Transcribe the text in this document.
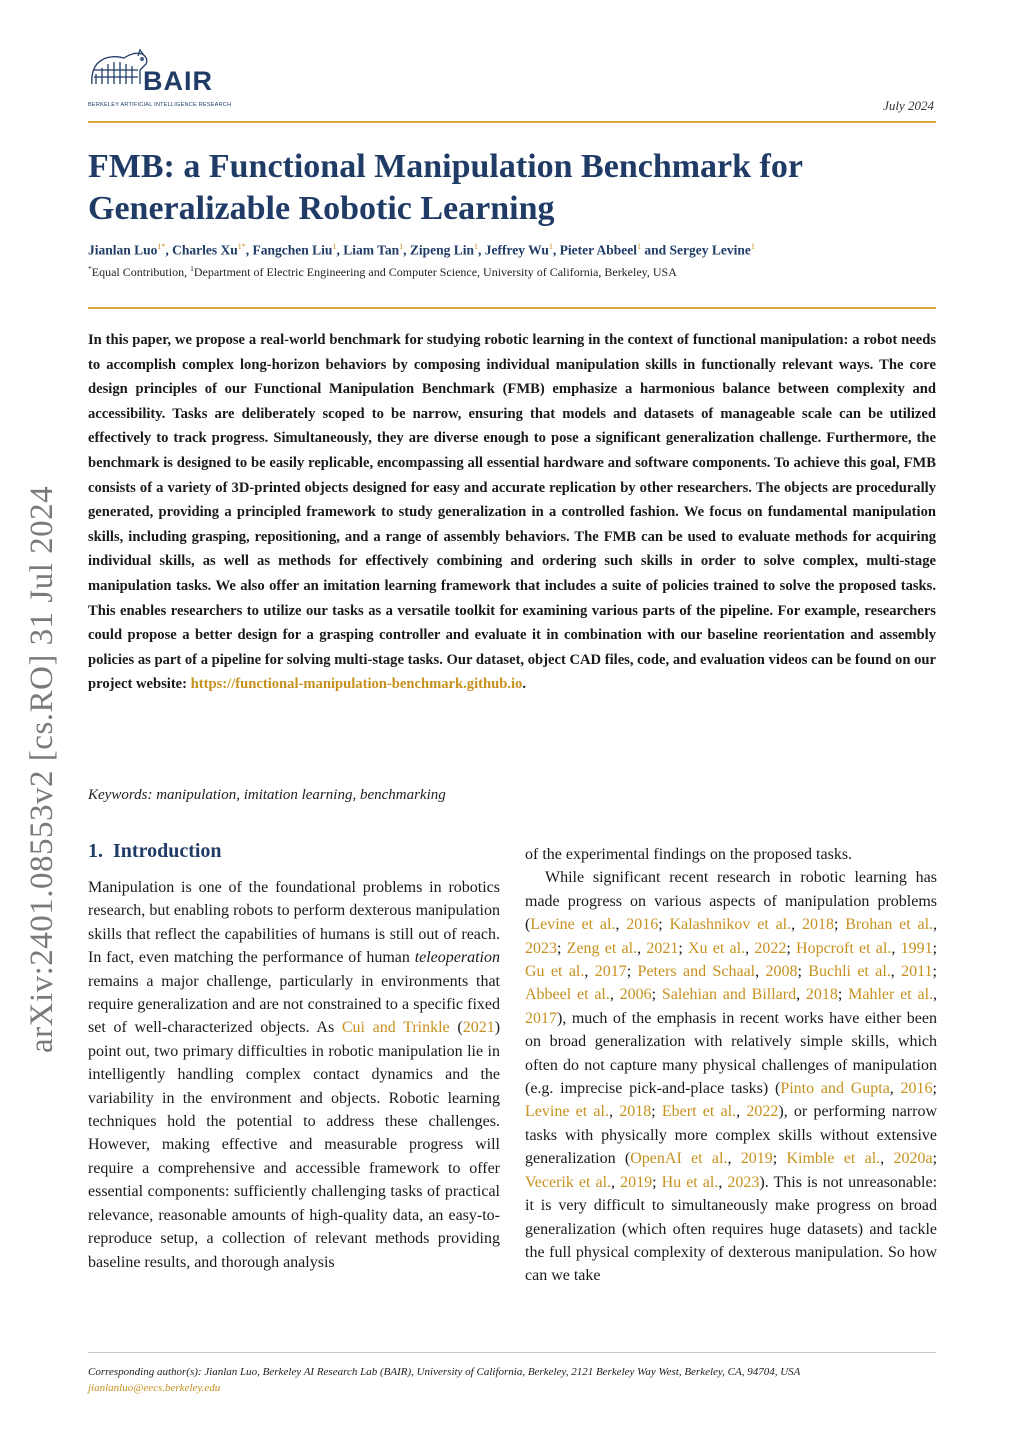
BAIR
BERKELEY ARTIFICIAL INTELLIGENCE RESEARCH	July 2024
FMB: a Functional Manipulation Benchmark for Generalizable Robotic Learning
Jianlan Luo$^{1*}$, Charles $Xu^{1*}$, Fangchen Liu$^1$, Liam Tan$^1$, Zipeng Lin$^1$, Jeffrey Wu$^1$, Pieter Abbeel$^1$ and Sergey Levine$^1$
*Equal Contribution, $^1$Department of Electric Engineering and Computer Science, University of California, Berkeley, USA

In this paper, we propose a real-world benchmark for studying robotic learning in the context of functional manipulation: a robot needs to accomplish complex long-horizon behaviors by composing individual manipulation skills in functionally relevant ways. The core design principles of our Functional Manipulation Benchmark (FMB) emphasize a harmonious balance between complexity and accessibility. Tasks are deliberately scoped to be narrow, ensuring that models and datasets of manageable scale can be utilized effectively to track progress. Simultaneously, they are diverse enough to pose a significant generalization challenge. Furthermore, the benchmark is designed to be easily replicable, encompassing all essential hardware and software components. To achieve this goal, FMB consists of a variety of 3D-printed objects designed for easy and accurate replication by other researchers. The objects are procedurally generated, providing a principled framework to study generalization in a controlled fashion. We focus on fundamental manipulation skills, including grasping, repositioning, and a range of assembly behaviors. The FMB can be used to evaluate methods for acquiring individual skills, as well as methods for effectively combining and ordering such skills in order to solve complex, multi-stage manipulation tasks. We also offer an imitation learning framework that includes a suite of policies trained to solve the proposed tasks. This enables researchers to utilize our tasks as a versatile toolkit for examining various parts of the pipeline. For example, researchers could propose a better design for a grasping controller and evaluate it in combination with our baseline reorientation and assembly policies as part of a pipeline for solving multi-stage tasks. Our dataset, object CAD files, code, and evaluation videos can be found on our project website: https://functional-manipulation-benchmark.github.io.

Keywords: manipulation, imitation learning, benchmarking
arXiv:2401.08553v2 [cs.RO] 31 Jul 2024 1. Introduction

Manipulation is one of the foundational problems in robotics research, but enabling robots to perform dexterous manipulation skills that reflect the capabilities of humans is still out of reach. In fact, even matching the performance of human teleoperation remains a major challenge, particularly in environments that require generalization and are not constrained to a specific fixed set of well-characterized objects. As Cui and Trinkle (2021) point out, two primary difficulties in robotic manipulation lie in intelligently handling complex contact dynamics and the variability in the environment and objects. Robotic learning techniques hold the potential to address these challenges. However, making effective and measurable progress will require a comprehensive and accessible framework to offer essential components: sufficiently challenging tasks of practical relevance, reasonable amounts of high-quality data, an easy-to-reproduce setup, a collection of relevant methods providing baseline results, and thorough analysis

of the experimental findings on the proposed tasks.

While significant recent research in robotic learning has made progress on various aspects of manipulation problems (Levine et al., 2016; Kalashnikov et al., 2018; Brohan et al., 2023; Zeng et al., 2021; Xu et al., 2022; Hopcroft et al., 1991; Gu et al., 2017; Peters and Schaal, 2008; Buchli et al., 2011; Abbeel et al., 2006; Salehian and Billard, 2018; Mahler et al., 2017), much of the emphasis in recent works have either been on broad generalization with relatively simple skills, which often do not capture many physical challenges of manipulation (e.g. imprecise pick-and-place tasks) (Pinto and Gupta, 2016; Levine et al., 2018; Ebert et al., 2022), or performing narrow tasks with physically more complex skills without extensive generalization (OpenAI et al., 2019; Kimble et al., 2020a; Vecerik et al., 2019; Hu et al., 2023). This is not unreasonable: it is very difficult to simultaneously make progress on broad generalization (which often requires huge datasets) and tackle the full physical complexity of dexterous manipulation. So how can we take

Corresponding author(s): Jianlan Luo, Berkeley AI Research Lab (BAIR), University of California, Berkeley, 2121 Berkeley Way West, Berkeley, CA, 94704, USA
jianlanluo@eecs.berkeley.edu
